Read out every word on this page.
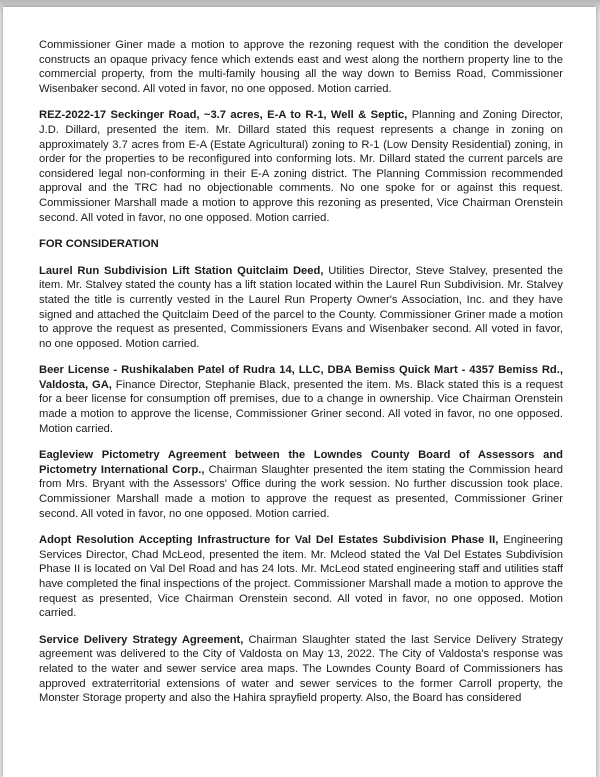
Commissioner Giner made a motion to approve the rezoning request with the condition the developer constructs an opaque privacy fence which extends east and west along the northern property line to the commercial property, from the multi-family housing all the way down to Bemiss Road, Commissioner Wisenbaker second. All voted in favor, no one opposed. Motion carried.

REZ-2022-17 Seckinger Road, ~3.7 acres, E-A to R-1, Well & Septic, Planning and Zoning Director, J.D. Dillard, presented the item. Mr. Dillard stated this request represents a change in zoning on approximately 3.7 acres from E-A (Estate Agricultural) zoning to R-1 (Low Density Residential) zoning, in order for the properties to be reconfigured into conforming lots. Mr. Dillard stated the current parcels are considered legal non-conforming in their E-A zoning district. The Planning Commission recommended approval and the TRC had no objectionable comments. No one spoke for or against this request. Commissioner Marshall made a motion to approve this rezoning as presented, Vice Chairman Orenstein second. All voted in favor, no one opposed. Motion carried.

FOR CONSIDERATION

Laurel Run Subdivision Lift Station Quitclaim Deed, Utilities Director, Steve Stalvey, presented the item. Mr. Stalvey stated the county has a lift station located within the Laurel Run Subdivision. Mr. Stalvey stated the title is currently vested in the Laurel Run Property Owner's Association, Inc. and they have signed and attached the Quitclaim Deed of the parcel to the County. Commissioner Griner made a motion to approve the request as presented, Commissioners Evans and Wisenbaker second. All voted in favor, no one opposed. Motion carried.

Beer License - Rushikalaben Patel of Rudra 14, LLC, DBA Bemiss Quick Mart - 4357 Bemiss Rd., Valdosta, GA, Finance Director, Stephanie Black, presented the item. Ms. Black stated this is a request for a beer license for consumption off premises, due to a change in ownership. Vice Chairman Orenstein made a motion to approve the license, Commissioner Griner second. All voted in favor, no one opposed. Motion carried.

Eagleview Pictometry Agreement between the Lowndes County Board of Assessors and Pictometry International Corp., Chairman Slaughter presented the item stating the Commission heard from Mrs. Bryant with the Assessors' Office during the work session. No further discussion took place. Commissioner Marshall made a motion to approve the request as presented, Commissioner Griner second. All voted in favor, no one opposed. Motion carried.

Adopt Resolution Accepting Infrastructure for Val Del Estates Subdivision Phase II, Engineering Services Director, Chad McLeod, presented the item. Mr. Mcleod stated the Val Del Estates Subdivision Phase II is located on Val Del Road and has 24 lots. Mr. McLeod stated engineering staff and utilities staff have completed the final inspections of the project. Commissioner Marshall made a motion to approve the request as presented, Vice Chairman Orenstein second. All voted in favor, no one opposed. Motion carried.

Service Delivery Strategy Agreement, Chairman Slaughter stated the last Service Delivery Strategy agreement was delivered to the City of Valdosta on May 13, 2022. The City of Valdosta's response was related to the water and sewer service area maps. The Lowndes County Board of Commissioners has approved extraterritorial extensions of water and sewer services to the former Carroll property, the Monster Storage property and also the Hahira sprayfield property. Also, the Board has considered
